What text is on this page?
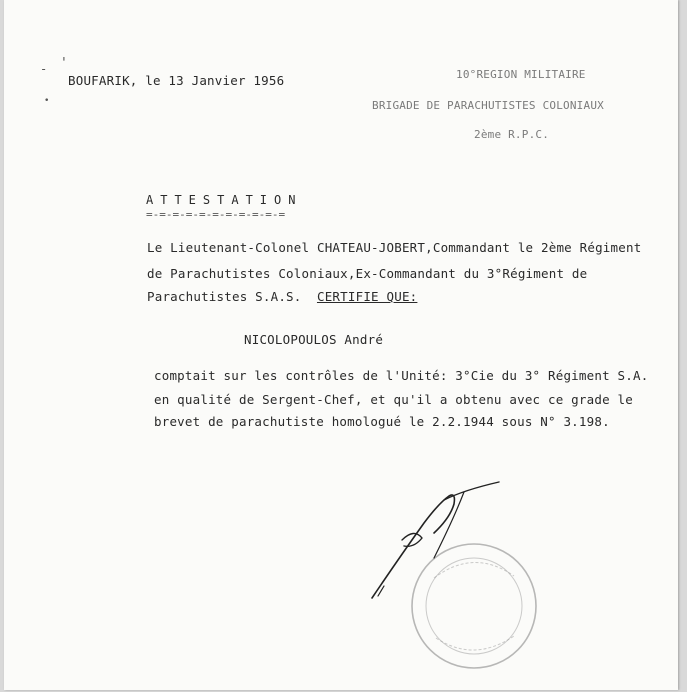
-
•
'
BOUFARIK, le 13 Janvier 1956	10°REGION MILITAIRE
BRIGADE DE PARACHUTISTES COLONIAUX
2ème R.P.C.
ATTESTATION
=-=-=-=-=-=-=-=-=-=-=
Le Lieutenant-Colonel CHATEAU-JOBERT,Commandant le 2ème Régiment
de Parachutistes Coloniaux,Ex-Commandant du 3°Régiment de
Parachutistes S.A.S. CERTIFIE QUE:
NICOLOPOULOS André
comptait sur les contrôles de l'Unité: 3°Cie du 3° Régiment S.A.
en qualité de Sergent-Chef, et qu'il a obtenu avec ce grade le
brevet de parachutiste homologué le 2.2.1944 sous N° 3.198.
